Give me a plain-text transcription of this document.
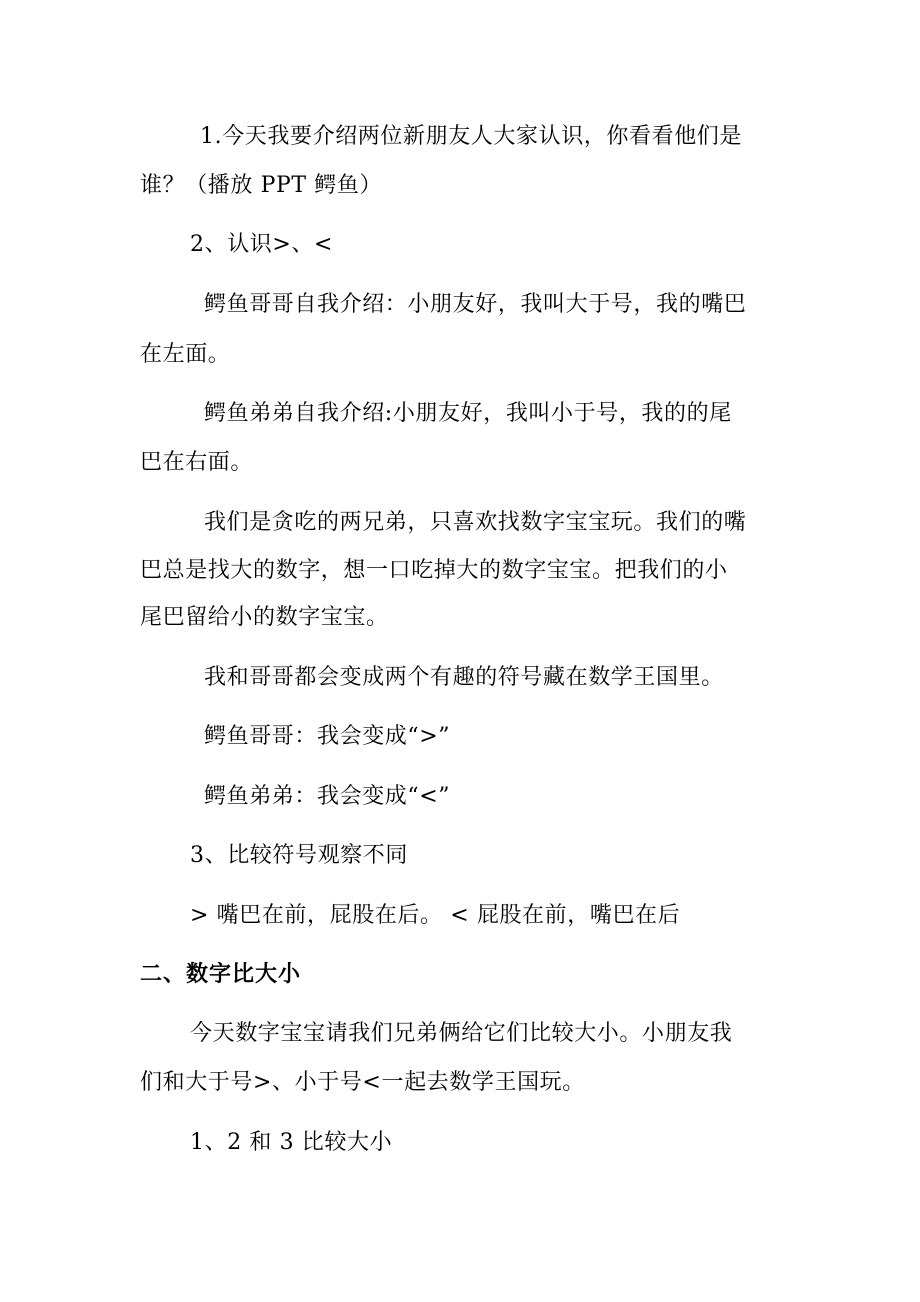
1.今天我要介绍两位新朋友人大家认识，你看看他们是
谁？（播放 PPT 鳄鱼）
2、认识>、<
鳄鱼哥哥自我介绍：小朋友好，我叫大于号，我的嘴巴
在左面。
鳄鱼弟弟自我介绍:小朋友好，我叫小于号，我的的尾
巴在右面。
我们是贪吃的两兄弟，只喜欢找数字宝宝玩。我们的嘴
巴总是找大的数字，想一口吃掉大的数字宝宝。把我们的小
尾巴留给小的数字宝宝。
我和哥哥都会变成两个有趣的符号藏在数学王国里。
鳄鱼哥哥：我会变成“>”
鳄鱼弟弟：我会变成“<”
3、比较符号观察不同
> 嘴巴在前，屁股在后。 < 屁股在前，嘴巴在后
二、数字比大小
今天数字宝宝请我们兄弟俩给它们比较大小。小朋友我
们和大于号>、小于号<一起去数学王国玩。
1、2 和 3 比较大小
